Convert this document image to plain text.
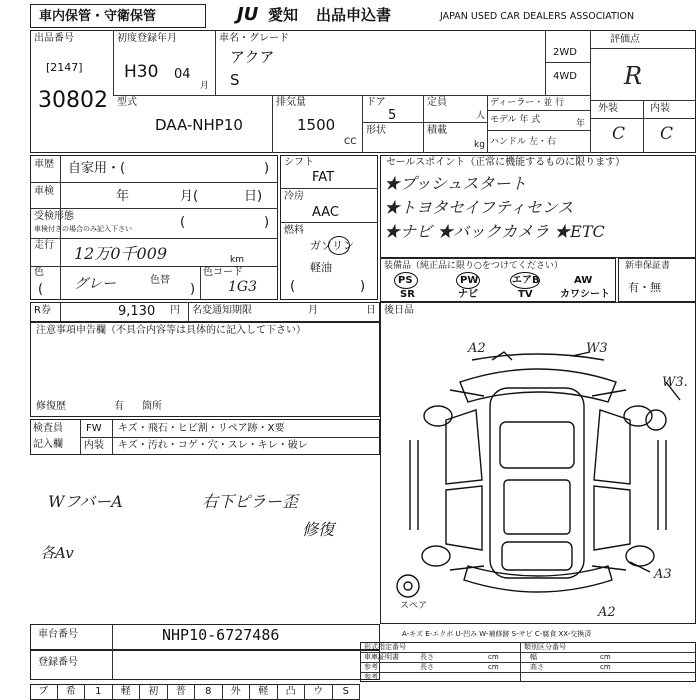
車内保管・守衛保管	JU 愛知 出品申込書	JAPAN USED CAR DEALERS ASSOCIATION
出品番号
[2147]
30802
初度登録年月
H30 04
月
車名・グレード
アクア
S
2WD
4WD
評価点
R
外装	内装
C C
型式
DAA-NHP10
排気量
1500
CC
ドア
5
定員
人
形状	積載
kg
ディーラー・並 行
モデル 年 式	年
ハンドル 左・右
車歴 自家用・(	)
車検	年	月(	日)
受検形態
車検付きの場合のみ記入下さい	(	)
走行 12万0千009	km
色
グレー	色替
(	)
色コード
1G3
シフト
FAT
冷房
AAC
燃料
ガソリン
軽油
(	)
セールスポイント（正常に機能するものに限ります）
★プッシュスタート
★トヨタセイフティセンス
★ナビ ★バックカメラ ★ETC
装備品（純正品に限り○をつけてください）
PS	PW	エアB	AW
SR	ナビ	TV	カワシート
新車保証書
有・無
R券	9,130 円 名変通知期限	月	日
注意事項申告欄（不具合内容等は具体的に記入して下さい）
修復歴	有 箇所
後日品
検査員
記入欄
FW キズ・飛石・ヒビ割・リペア跡・X要
内装 キズ・汚れ・コゲ・穴・スレ・キレ・破レ
WフバーA	右下ピラー歪
修復
各Av
A2	W3
W3.
A3
A2
スペア
車台番号	NHP10-6727486
登録番号
A-キズ E-エクボ U-凹み W-補修跡 S-サビ C-腐食 XX-交換済
形式指定番号	類別区分番号
車庫証明書	長さ	cm	幅	cm
参考	長さ	cm	高さ	cm
参考
ブ	希	1	軽	初	普	8	外	軽	凸	ウ	S
